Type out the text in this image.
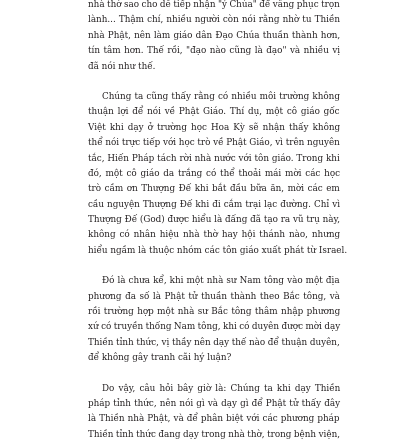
nhà thờ sao cho dễ tiếp nhận "ý Chúa" để vâng phục trọn
lành... Thậm chí, nhiều người còn nói rằng nhờ tu Thiền
nhà Phật, nên làm giáo dân Đạo Chúa thuần thành hơn,
tín tâm hơn. Thế rồi, "đạo nào cũng là đạo" và nhiều vị
đã nói như thế.
Chúng ta cũng thấy rằng có nhiều môi trường không
thuận lợi để nói về Phật Giáo. Thí dụ, một cô giáo gốc
Việt khi dạy ở trường học Hoa Kỳ sẽ nhận thấy không
thể nói trực tiếp với học trò về Phật Giáo, vì trên nguyên
tắc, Hiến Pháp tách rời nhà nước với tôn giáo. Trong khi
đó, một cô giáo da trắng có thể thoải mái mời các học
trò cầm ơn Thượng Đế khi bắt đầu bữa ăn, mời các em
cầu nguyện Thượng Đế khi đi cắm trại lạc đường. Chỉ vì
Thượng Đế (God) được hiểu là đấng đã tạo ra vũ trụ này,
không có nhân hiệu nhà thờ hay hội thánh nào, nhưng
hiểu ngầm là thuộc nhóm các tôn giáo xuất phát từ Israel.
Đó là chưa kể, khi một nhà sư Nam tông vào một địa
phương đa số là Phật tử thuần thành theo Bắc tông, và
rồi trường hợp một nhà sư Bắc tông thâm nhập phương
xứ có truyền thống Nam tông, khi có duyên được mời dạy
Thiền tỉnh thức, vị thầy nên dạy thế nào để thuận duyên,
để không gây tranh cãi hý luận?
Do vậy, câu hỏi bây giờ là: Chúng ta khi dạy Thiền
pháp tỉnh thức, nên nói gì và dạy gì để Phật tử thấy đây
là Thiền nhà Phật, và để phân biệt với các phương pháp
Thiền tỉnh thức đang dạy trong nhà thờ, trong bệnh viện,
